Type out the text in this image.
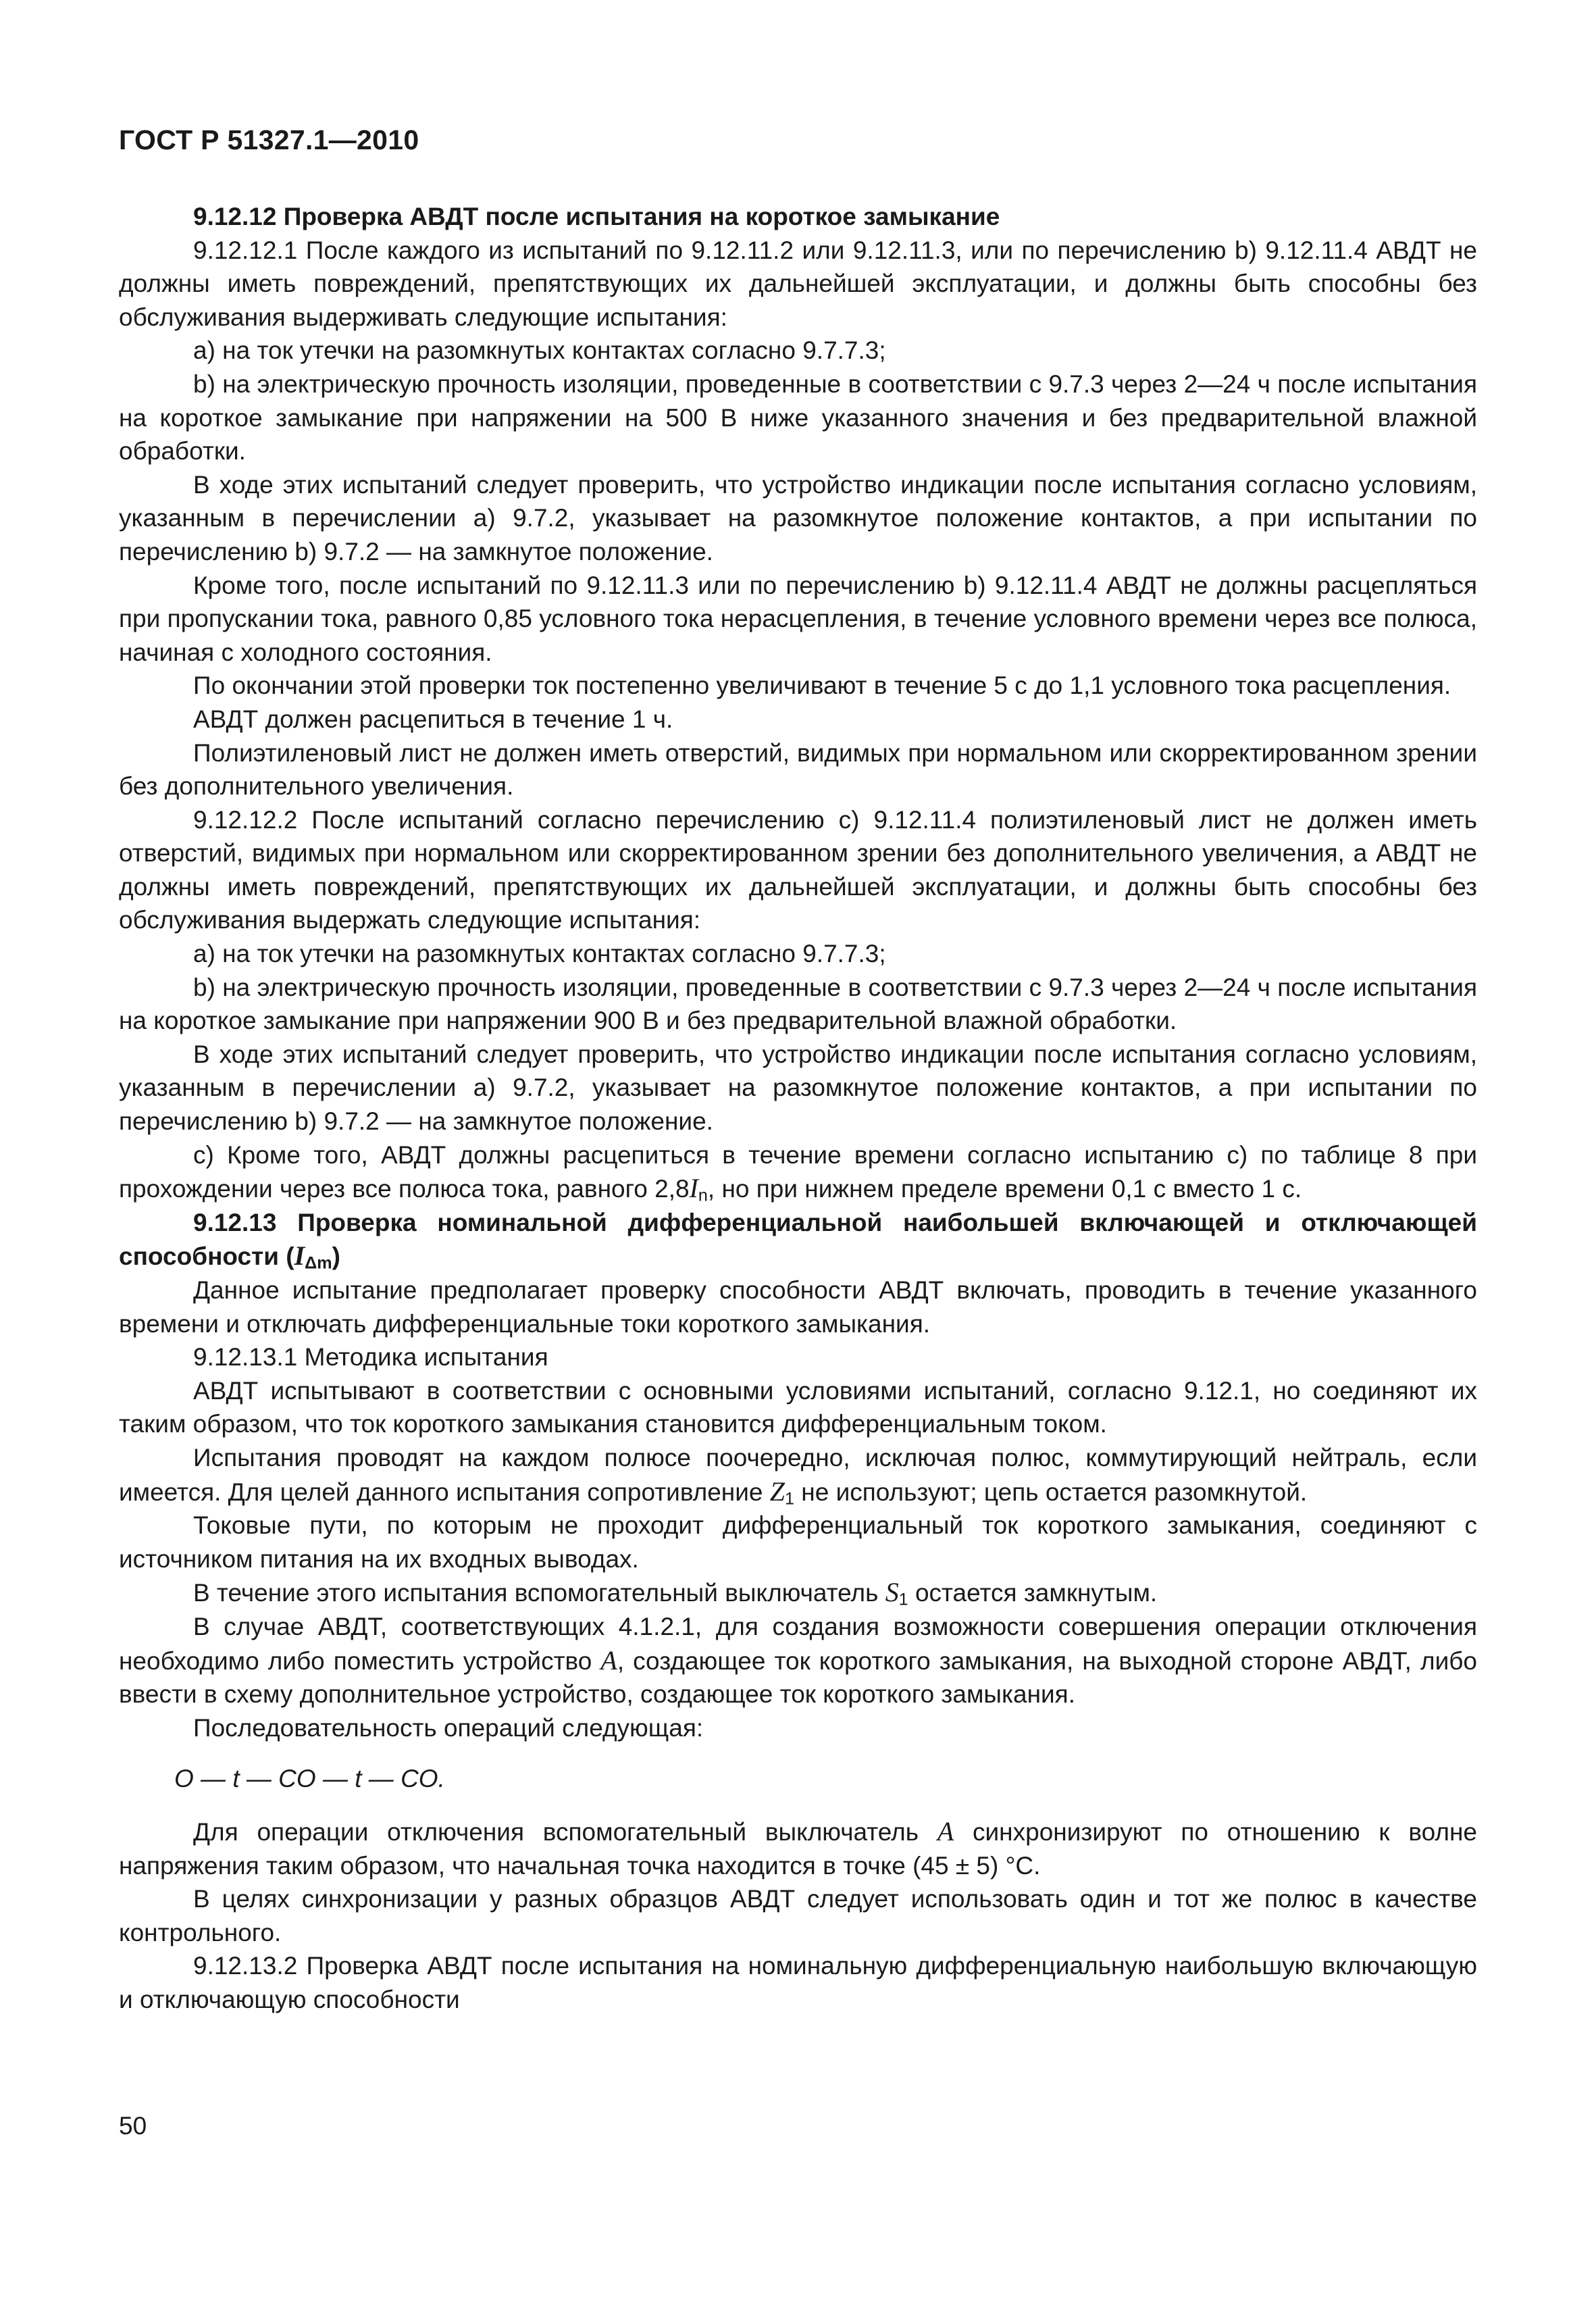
ГОСТ Р 51327.1—2010

9.12.12 Проверка АВДТ после испытания на короткое замыкание

9.12.12.1 После каждого из испытаний по 9.12.11.2 или 9.12.11.3, или по перечислению b) 9.12.11.4 АВДТ не должны иметь повреждений, препятствующих их дальнейшей эксплуатации, и должны быть способны без обслуживания выдерживать следующие испытания:

а) на ток утечки на разомкнутых контактах согласно 9.7.7.3;

b) на электрическую прочность изоляции, проведенные в соответствии с 9.7.3 через 2—24 ч после испытания на короткое замыкание при напряжении на 500 В ниже указанного значения и без предварительной влажной обработки.

В ходе этих испытаний следует проверить, что устройство индикации после испытания согласно условиям, указанным в перечислении а) 9.7.2, указывает на разомкнутое положение контактов, а при испытании по перечислению b) 9.7.2 — на замкнутое положение.

Кроме того, после испытаний по 9.12.11.3 или по перечислению b) 9.12.11.4 АВДТ не должны расцепляться при пропускании тока, равного 0,85 условного тока нерасцепления, в течение условного времени через все полюса, начиная с холодного состояния.

По окончании этой проверки ток постепенно увеличивают в течение 5 с до 1,1 условного тока расцепления.

АВДТ должен расцепиться в течение 1 ч.

Полиэтиленовый лист не должен иметь отверстий, видимых при нормальном или скорректированном зрении без дополнительного увеличения.

9.12.12.2 После испытаний согласно перечислению с) 9.12.11.4 полиэтиленовый лист не должен иметь отверстий, видимых при нормальном или скорректированном зрении без дополнительного увеличения, а АВДТ не должны иметь повреждений, препятствующих их дальнейшей эксплуатации, и должны быть способны без обслуживания выдержать следующие испытания:

а) на ток утечки на разомкнутых контактах согласно 9.7.7.3;

b) на электрическую прочность изоляции, проведенные в соответствии с 9.7.3 через 2—24 ч после испытания на короткое замыкание при напряжении 900 В и без предварительной влажной обработки.

В ходе этих испытаний следует проверить, что устройство индикации после испытания согласно условиям, указанным в перечислении а) 9.7.2, указывает на разомкнутое положение контактов, а при испытании по перечислению b) 9.7.2 — на замкнутое положение.

с) Кроме того, АВДТ должны расцепиться в течение времени согласно испытанию с) по таблице 8 при прохождении через все полюса тока, равного $2,8I_n$, но при нижнем пределе времени 0,1 с вместо 1 с.

9.12.13 Проверка номинальной дифференциальной наибольшей включающей и отключающей способности $(I_{\Delta m})$

Данное испытание предполагает проверку способности АВДТ включать, проводить в течение указанного времени и отключать дифференциальные токи короткого замыкания.

9.12.13.1 Методика испытания

АВДТ испытывают в соответствии с основными условиями испытаний, согласно 9.12.1, но соединяют их таким образом, что ток короткого замыкания становится дифференциальным током.

Испытания проводят на каждом полюсе поочередно, исключая полюс, коммутирующий нейтраль, если имеется. Для целей данного испытания сопротивление $Z_1$ не используют; цепь остается разомкнутой.

Токовые пути, по которым не проходит дифференциальный ток короткого замыкания, соединяют с источником питания на их входных выводах.

В течение этого испытания вспомогательный выключатель $S_1$ остается замкнутым.

В случае АВДТ, соответствующих 4.1.2.1, для создания возможности совершения операции отключения необходимо либо поместить устройство A, создающее ток короткого замыкания, на выходной стороне АВДТ, либо ввести в схему дополнительное устройство, создающее ток короткого замыкания.

Последовательность операций следующая:

O — t — CO — t — CO.

Для операции отключения вспомогательный выключатель A синхронизируют по отношению к волне напряжения таким образом, что начальная точка находится в точке (45 ± 5) °С.

В целях синхронизации у разных образцов АВДТ следует использовать один и тот же полюс в качестве контрольного.

9.12.13.2 Проверка АВДТ после испытания на номинальную дифференциальную наибольшую включающую и отключающую способности

50
